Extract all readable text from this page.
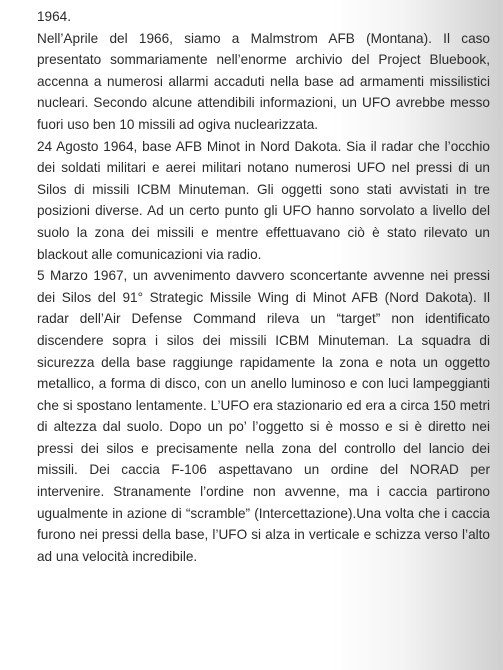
1964.

Nell’Aprile del 1966, siamo a Malmstrom AFB (Montana). Il caso presentato sommariamente nell’enorme archivio del Project Bluebook, accenna a numerosi allarmi accaduti nella base ad armamenti missilistici nucleari. Secondo alcune attendibili informazioni, un UFO avrebbe messo fuori uso ben 10 missili ad ogiva nuclearizzata.

24 Agosto 1964, base AFB Minot in Nord Dakota. Sia il radar che l’occhio dei soldati militari e aerei militari notano numerosi UFO nel pressi di un Silos di missili ICBM Minuteman. Gli oggetti sono stati avvistati in tre posizioni diverse. Ad un certo punto gli UFO hanno sorvolato a livello del suolo la zona dei missili e mentre effettuavano ciò è stato rilevato un blackout alle comunicazioni via radio.

5 Marzo 1967, un avvenimento davvero sconcertante avvenne nei pressi dei Silos del 91° Strategic Missile Wing di Minot AFB (Nord Dakota). Il radar dell’Air Defense Command rileva un “target” non identificato discendere sopra i silos dei missili ICBM Minuteman. La squadra di sicurezza della base raggiunge rapidamente la zona e nota un oggetto metallico, a forma di disco, con un anello luminoso e con luci lampeggianti che si spostano lentamente. L’UFO era stazionario ed era a circa 150 metri di altezza dal suolo. Dopo un po’ l’oggetto si è mosso e si è diretto nei pressi dei silos e precisamente nella zona del controllo del lancio dei missili. Dei caccia F-106 aspettavano un ordine del NORAD per intervenire. Stranamente l’ordine non avvenne, ma i caccia partirono ugualmente in azione di “scramble” (Intercettazione).Una volta che i caccia furono nei pressi della base, l’UFO si alza in verticale e schizza verso l’alto ad una velocità incredibile.
